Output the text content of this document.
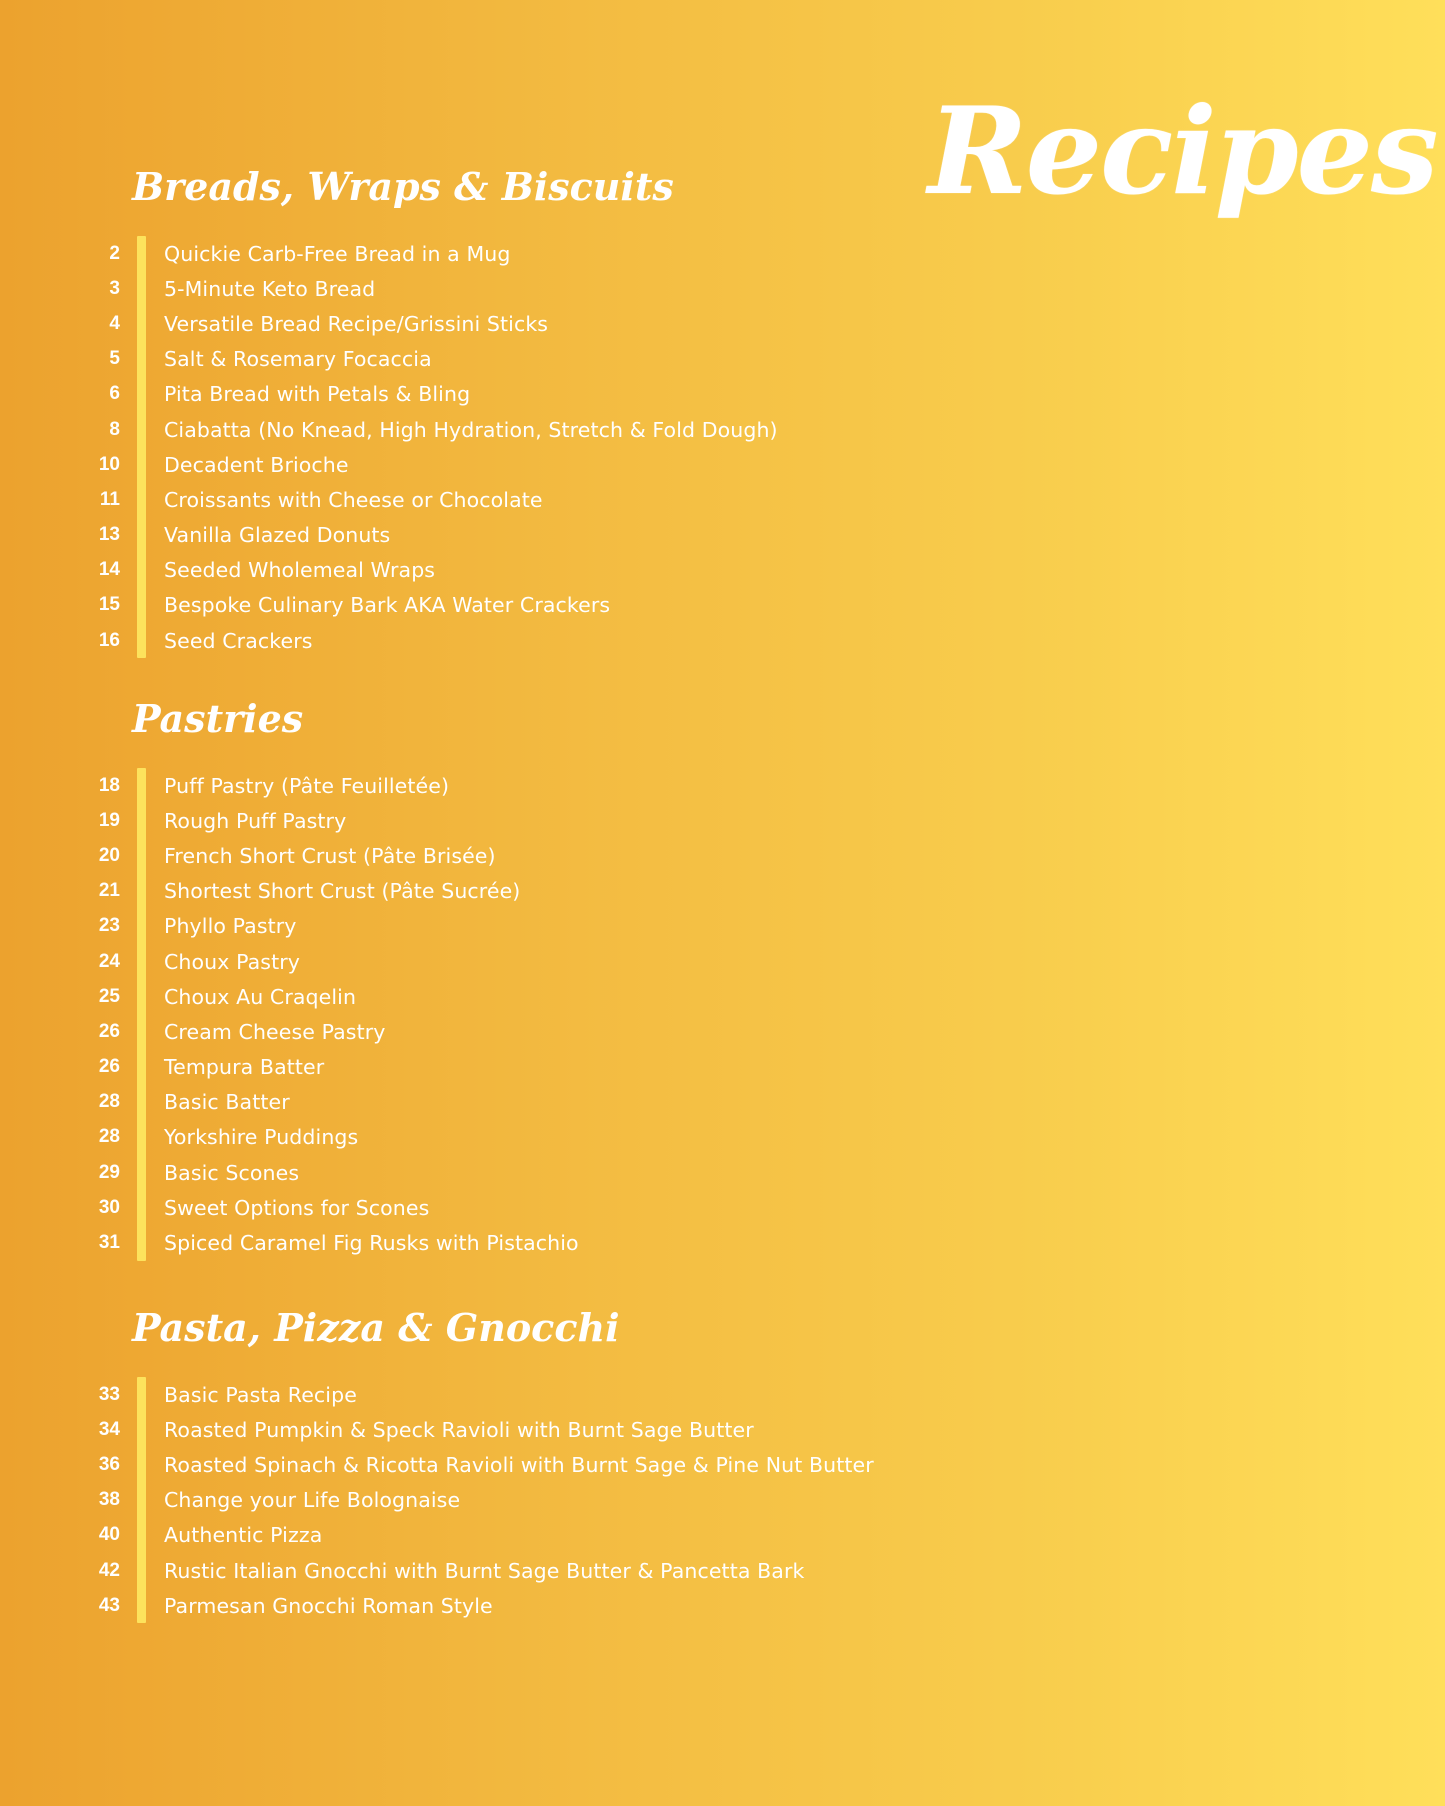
Recipes
Breads, Wraps & Biscuits
2 Quickie Carb-Free Bread in a Mug
3 5-Minute Keto Bread
4 Versatile Bread Recipe/Grissini Sticks
5 Salt & Rosemary Focaccia
6 Pita Bread with Petals & Bling
8 Ciabatta (No Knead, High Hydration, Stretch & Fold Dough)
10 Decadent Brioche
11 Croissants with Cheese or Chocolate
13 Vanilla Glazed Donuts
14 Seeded Wholemeal Wraps
15 Bespoke Culinary Bark AKA Water Crackers
16 Seed Crackers
Pastries
18 Puff Pastry (Pâte Feuilletée)
19 Rough Puff Pastry
20 French Short Crust (Pâte Brisée)
21 Shortest Short Crust (Pâte Sucrée)
23 Phyllo Pastry
24 Choux Pastry
25 Choux Au Craqelin
26 Cream Cheese Pastry
26 Tempura Batter
28 Basic Batter
28 Yorkshire Puddings
29 Basic Scones
30 Sweet Options for Scones
31 Spiced Caramel Fig Rusks with Pistachio
Pasta, Pizza & Gnocchi
33 Basic Pasta Recipe
34 Roasted Pumpkin & Speck Ravioli with Burnt Sage Butter
36 Roasted Spinach & Ricotta Ravioli with Burnt Sage & Pine Nut Butter
38 Change your Life Bolognaise
40 Authentic Pizza
42 Rustic Italian Gnocchi with Burnt Sage Butter & Pancetta Bark
43 Parmesan Gnocchi Roman Style
